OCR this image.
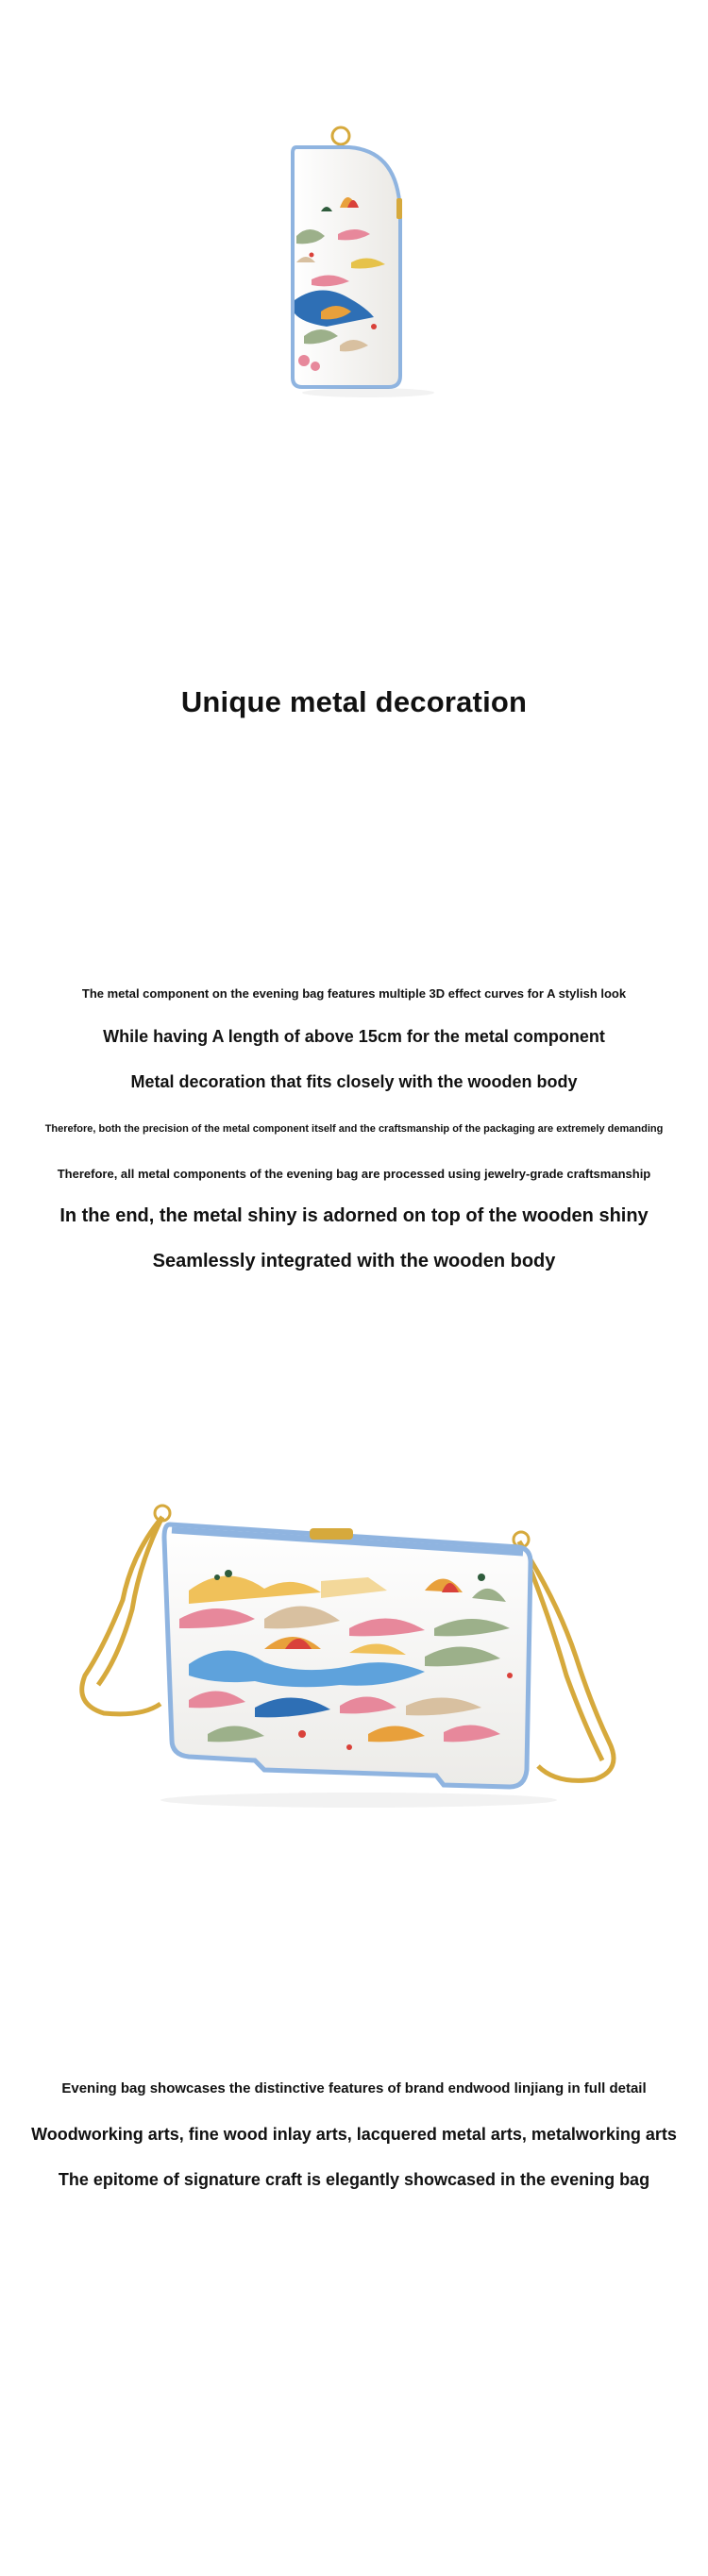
Unique metal decoration

The metal component on the evening bag features multiple 3D effect curves for A stylish look

While having A length of above 15cm for the metal component

Metal decoration that fits closely with the wooden body

Therefore, both the precision of the metal component itself and the craftsmanship of the packaging are extremely demanding

Therefore, all metal components of the evening bag are processed using jewelry-grade craftsmanship

In the end, the metal shiny is adorned on top of the wooden shiny

Seamlessly integrated with the wooden body

Evening bag showcases the distinctive features of brand endwood linjiang in full detail

Woodworking arts, fine wood inlay arts, lacquered metal arts, metalworking arts

The epitome of signature craft is elegantly showcased in the evening bag
